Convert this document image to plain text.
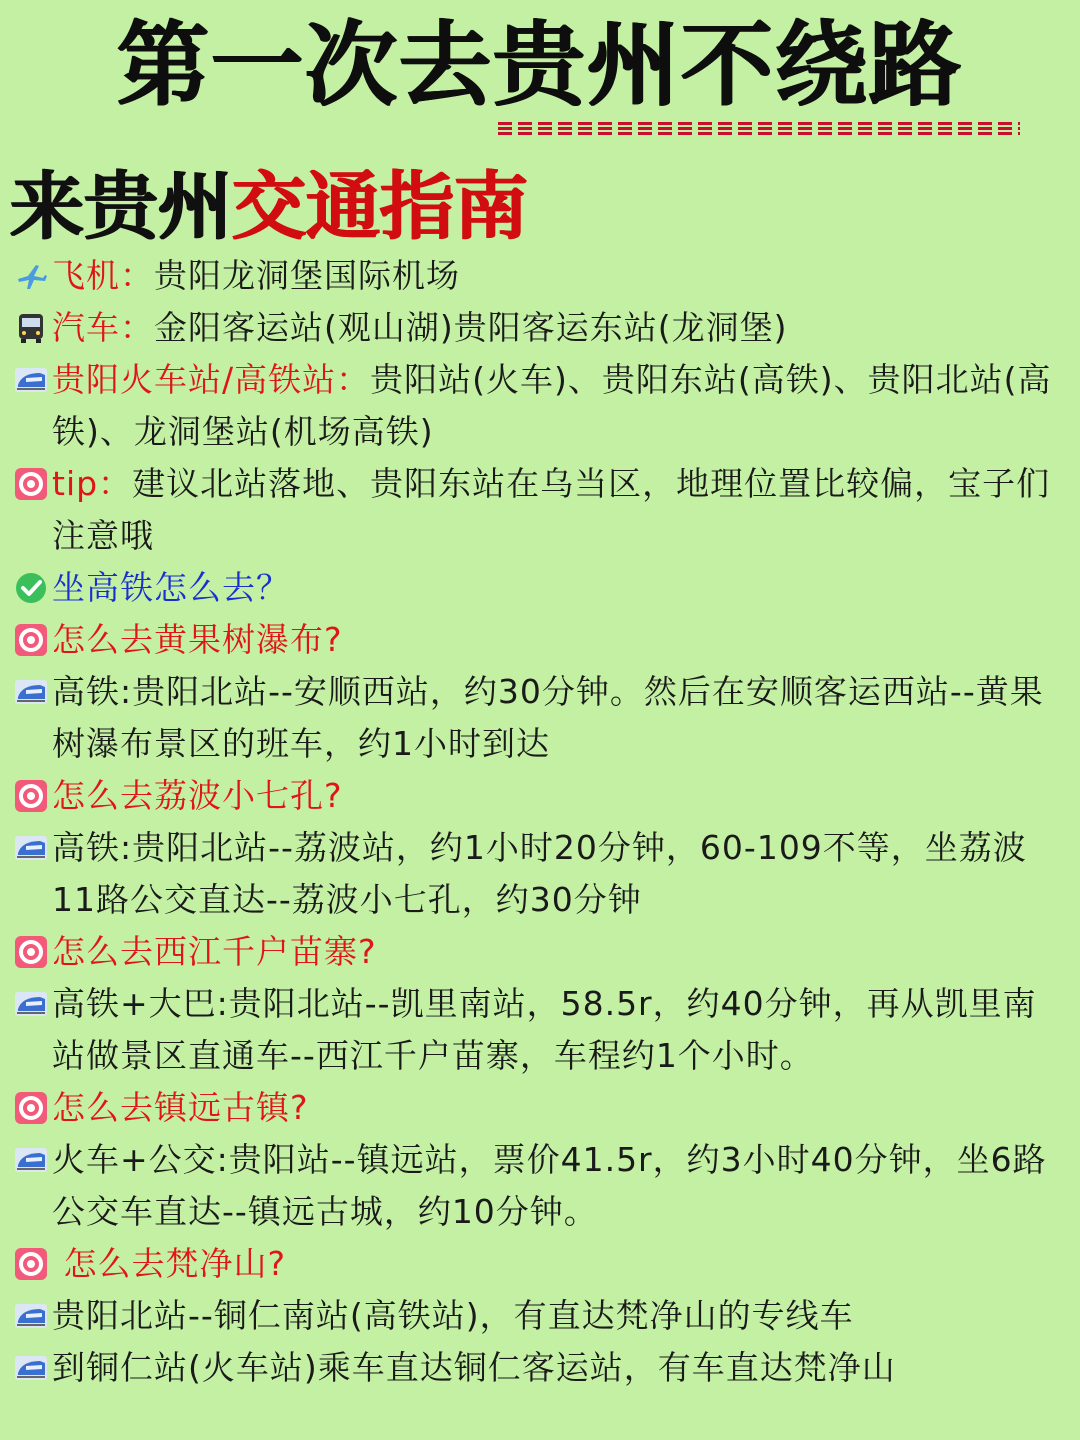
第一次去贵州不绕路
来贵州交通指南
飞机：贵阳龙洞堡国际机场
汽车：金阳客运站(观山湖)贵阳客运东站(龙洞堡)
贵阳火车站/高铁站：贵阳站(火车)、贵阳东站(高铁)、贵阳北站(高铁)、龙洞堡站(机场高铁)
tip：建议北站落地、贵阳东站在乌当区，地理位置比较偏，宝子们注意哦
坐高铁怎么去？
怎么去黄果树瀑布?
高铁:贵阳北站--安顺西站，约30分钟。然后在安顺客运西站--黄果树瀑布景区的班车，约1小时到达
怎么去荔波小七孔?
高铁:贵阳北站--荔波站，约1小时20分钟，60-109不等，坐荔波11路公交直达--荔波小七孔，约30分钟
怎么去西江千户苗寨?
高铁+大巴:贵阳北站--凯里南站，58.5r，约40分钟，再从凯里南站做景区直通车--西江千户苗寨，车程约1个小时。
怎么去镇远古镇?
火车+公交:贵阳站--镇远站，票价41.5r，约3小时40分钟，坐6路公交车直达--镇远古城，约10分钟。
怎么去梵净山?
贵阳北站--铜仁南站(高铁站)，有直达梵净山的专线车
到铜仁站(火车站)乘车直达铜仁客运站，有车直达梵净山
